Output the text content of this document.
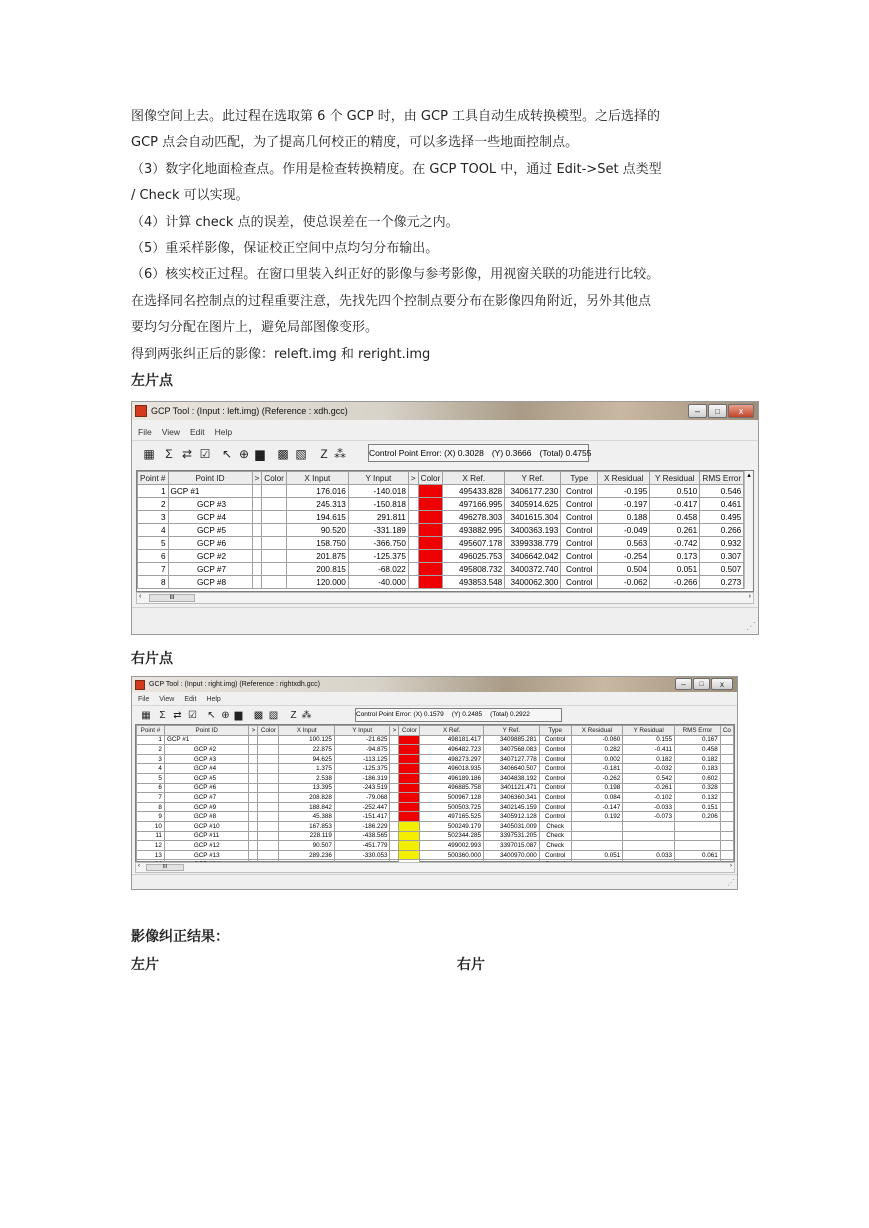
图像空间上去。此过程在选取第 6 个 GCP 时，由 GCP 工具自动生成转换模型。之后选择的

GCP 点会自动匹配，为了提高几何校正的精度，可以多选择一些地面控制点。

（3）数字化地面检查点。作用是检查转换精度。在 GCP TOOL 中，通过 Edit->Set 点类型

/ Check 可以实现。

（4）计算 check 点的误差，使总误差在一个像元之内。

（5）重采样影像，保证校正空间中点均匀分布输出。

（6）核实校正过程。在窗口里装入纠正好的影像与参考影像，用视窗关联的功能进行比较。

在选择同名控制点的过程重要注意，先找先四个控制点要分布在影像四角附近，另外其他点

要均匀分配在图片上，避免局部图像变形。

得到两张纠正后的影像：releft.img 和 reright.img

左片点
GCP Tool : (Input : left.img) (Reference : xdh.gcc)	–	□	x
File View Edit Help
▦ Σ ⇄ ☑ ↖ ⊕ ▆ ▩ ▧	Ζ ⁂	Control Point Error: (X) 0.3028 (Y) 0.3666 (Total) 0.4755
Point #	Point ID	>	Color	X Input	Y Input	>	Color	X Ref.	Y Ref.	Type	X Residual	Y Residual	RMS Error
1	GCP #1			176.016	-140.018			495433.828	3406177.230	Control	-0.195	0.510	0.546
2	GCP #3			245.313	-150.818			497166.995	3405914.625	Control	-0.197	-0.417	0.461
3	GCP #4			194.615	291.811			496278.303	3401615.304	Control	0.188	0.458	0.495
4	GCP #5			90.520	-331.189			493882.995	3400363.193	Control	-0.049	0.261	0.266
5	GCP #6			158.750	-366.750			495607.178	3399338.779	Control	0.563	-0.742	0.932
6	GCP #2			201.875	-125.375			496025.753	3406642.042	Control	-0.254	0.173	0.307
7	GCP #7			200.815	-68.022			495808.732	3400372.740	Control	0.504	0.051	0.507
8	GCP #8			120.000	-40.000			493853.548	3400062.300	Control	-0.062	-0.266	0.273
▴
‹	III	›
⋰
右片点
GCP Tool : (Input : right.img) (Reference : rightxdh.gcc)	–	□	x
File View Edit Help
▦ Σ ⇄ ☑	↖ ⊕ ▆ ▩ ▧	Ζ ⁂	Control Point Error: (X) 0.1579 (Y) 0.2485 (Total) 0.2922
Point #	Point ID	>	Color	X Input	Y Input	>	Color	X Ref.	Y Ref.	Type	X Residual	Y Residual	RMS Error	Co
1	GCP #1			100.125	-21.625			498181.417	3409885.281	Control	-0.060	0.155	0.167	
2	GCP #2			22.875	-94.875			496482.723	3407568.083	Control	0.282	-0.411	0.458	
3	GCP #3			94.625	-113.125			498273.297	3407127.778	Control	0.002	0.182	0.182	
4	GCP #4			1.375	-125.375			496018.935	3406640.507	Control	-0.181	-0.032	0.183	
5	GCP #5			2.538	-186.319			496189.186	3404838.192	Control	-0.262	0.542	0.602	
6	GCP #6			13.395	-243.519			496885.758	3401121.471	Control	0.198	-0.261	0.328	
7	GCP #7			208.828	-79.068			500967.128	3406360.341	Control	0.084	-0.102	0.132	
8	GCP #9			188.842	-252.447			500503.725	3402145.159	Control	-0.147	-0.033	0.151	
9	GCP #8			45.388	-151.417			497165.525	3405912.128	Control	0.192	-0.073	0.206	
10	GCP #10			167.853	-186.229			500249.179	3405031.009	Check				
11	GCP #11			228.119	-438.565			502344.285	3397531.205	Check				
12	GCP #12			90.507	-451.779			499002.993	3397015.087	Check				
13	GCP #13			289.236	-330.053			500360.000	3400970.000	Control	0.051	0.033	0.061	

‹	III	›
⋰
影像纠正结果：
左片	右片
